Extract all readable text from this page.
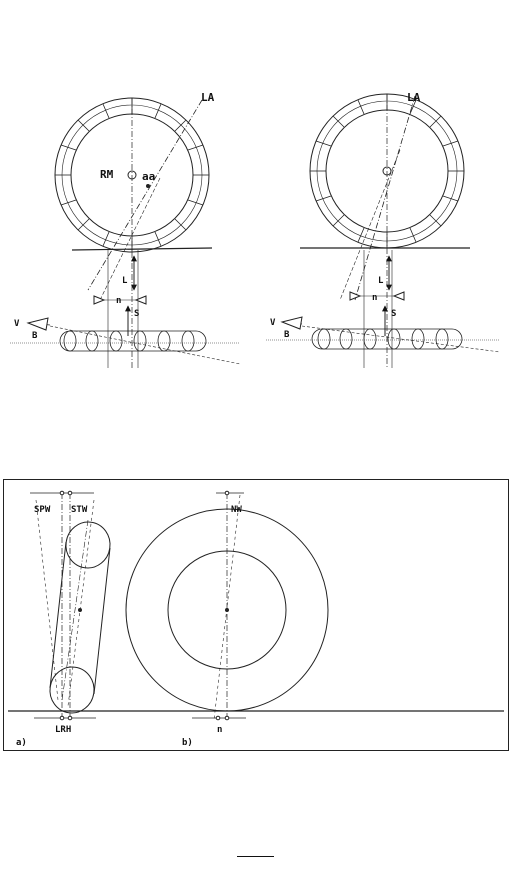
LA
RM	aa
L
n
S
V
B
LA
L
n
S
V
B
SPW STW
LRH
a)
NW
n
b)
